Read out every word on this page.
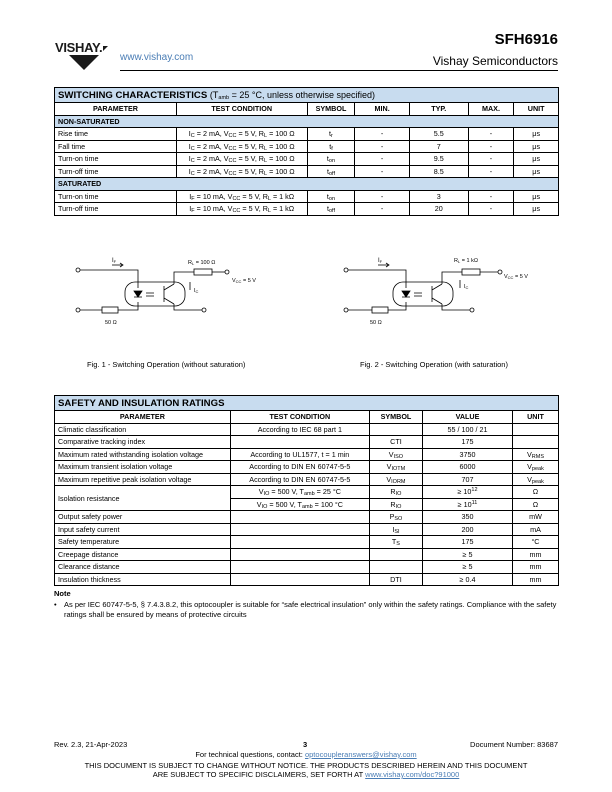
VISHAY.
www.vishay.com
SFH6916
Vishay Semiconductors
SWITCHING CHARACTERISTICS ($T_{amb} = 25$ °C, unless otherwise specified)						
PARAMETER	TEST CONDITION	SYMBOL	MIN.	TYP.	MAX.	UNIT
NON-SATURATED						
Rise time	$I_C = 2$ mA, $V_{CC} = 5$ V, $R_L = 100$ Ω	$t_r$	-	5.5	-	μs
Fall time	$I_C = 2$ mA, $V_{CC} = 5$ V, $R_L = 100$ Ω	$t_f$	-	7	-	μs
Turn-on time	$I_C = 2$ mA, $V_{CC} = 5$ V, $R_L = 100$ Ω	$t_{on}$	-	9.5	-	μs
Turn-off time	$I_C = 2$ mA, $V_{CC} = 5$ V, $R_L = 100$ Ω	$t_{off}$	-	8.5	-	μs
SATURATED						
Turn-on time	$I_F = 10$ mA, $V_{CC} = 5$ V, $R_L = 1$ kΩ	$t_{on}$	-	3	-	μs
Turn-off time	$I_F = 10$ mA, $V_{CC} = 5$ V, $R_L = 1$ kΩ	$t_{off}$	-	20	-	μs
IF	RL = 100 Ω
IC
VCC = 5 V
50 Ω
Fig. 1 - Switching Operation (without saturation)
IF	RL = 1 kΩ
IC
VCC = 5 V
50 Ω
Fig. 2 - Switching Operation (with saturation)
SAFETY AND INSULATION RATINGS				
PARAMETER	TEST CONDITION	SYMBOL	VALUE	UNIT
Climatic classification	According to IEC 68 part 1		55 / 100 / 21	
Comparative tracking index		CTI	175	
Maximum rated withstanding isolation voltage	According to UL1577, t = 1 min	$V_{ISO}$	3750	$V_{RMS}$
Maximum transient isolation voltage	According to DIN EN 60747-5-5	$V_{IOTM}$	6000	$V_{peak}$
Maximum repetitive peak isolation voltage	According to DIN EN 60747-5-5	$V_{IORM}$	707	$V_{peak}$
Isolation resistance	$V_{IO} = 500$ V, $T_{amb} = 25$ °C	$R_{IO}$	≥ $10^{12}$	Ω
	$V_{IO} = 500$ V, $T_{amb} = 100$ °C	$R_{IO}$	≥ $10^{11}$	Ω
Output safety power		$P_{SO}$	350	mW
Input safety current		$I_{SI}$	200	mA
Safety temperature		$T_S$	175	°C
Creepage distance			≥ 5	mm
Clearance distance			≥ 5	mm
Insulation thickness		DTI	≥ 0.4	mm
Note
• As per IEC 60747-5-5, § 7.4.3.8.2, this optocoupler is suitable for “safe electrical insulation” only within the safety ratings. Compliance with the safety ratings shall be ensured by means of protective circuits
Rev. 2.3, 21-Apr-2023	3	Document Number: 83687
For technical questions, contact: optocoupleranswers@vishay.com
THIS DOCUMENT IS SUBJECT TO CHANGE WITHOUT NOTICE. THE PRODUCTS DESCRIBED HEREIN AND THIS DOCUMENT
ARE SUBJECT TO SPECIFIC DISCLAIMERS, SET FORTH AT www.vishay.com/doc?91000
